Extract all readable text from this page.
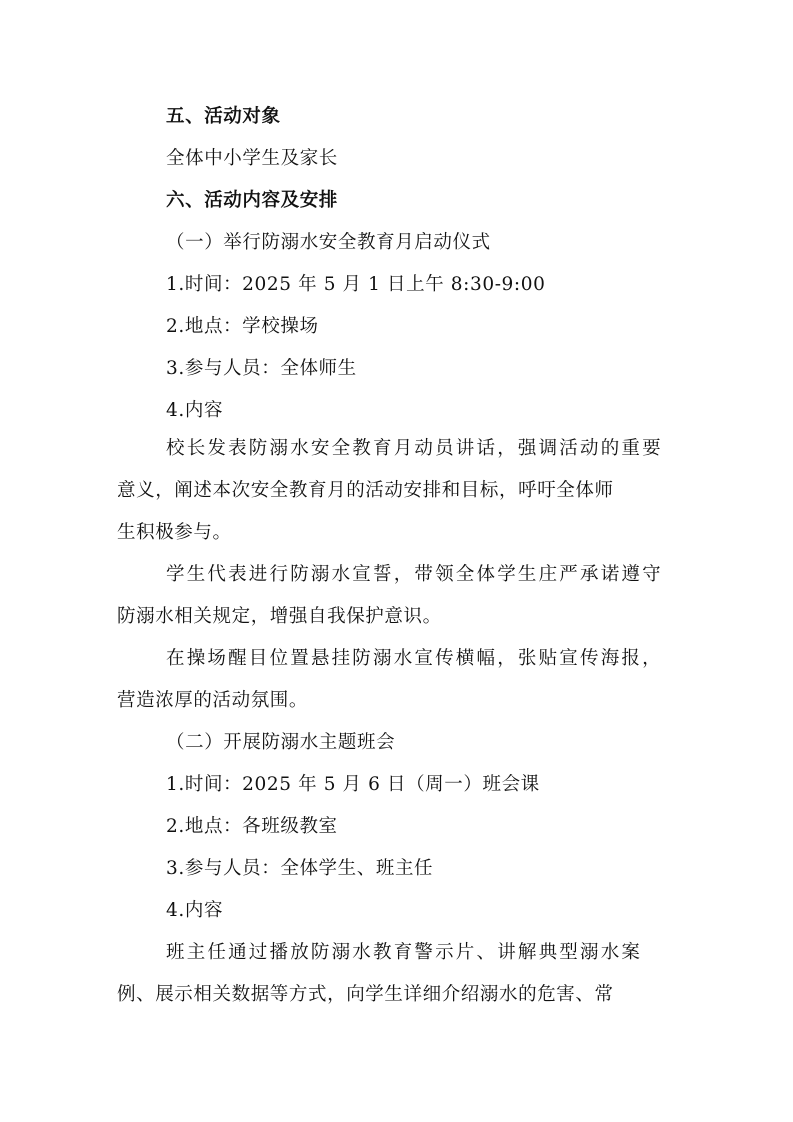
五、活动对象
全体中小学生及家长
六、活动内容及安排
（一）举行防溺水安全教育月启动仪式
1.时间：2025 年 5 月 1 日上午 8:30-9:00
2.地点：学校操场
3.参与人员：全体师生
4.内容
校长发表防溺水安全教育月动员讲话，强调活动的重要
意义，阐述本次安全教育月的活动安排和目标，呼吁全体师
生积极参与。
学生代表进行防溺水宣誓，带领全体学生庄严承诺遵守
防溺水相关规定，增强自我保护意识。
在操场醒目位置悬挂防溺水宣传横幅，张贴宣传海报，
营造浓厚的活动氛围。
（二）开展防溺水主题班会
1.时间：2025 年 5 月 6 日（周一）班会课
2.地点：各班级教室
3.参与人员：全体学生、班主任
4.内容
班主任通过播放防溺水教育警示片、讲解典型溺水案
例、展示相关数据等方式，向学生详细介绍溺水的危害、常
